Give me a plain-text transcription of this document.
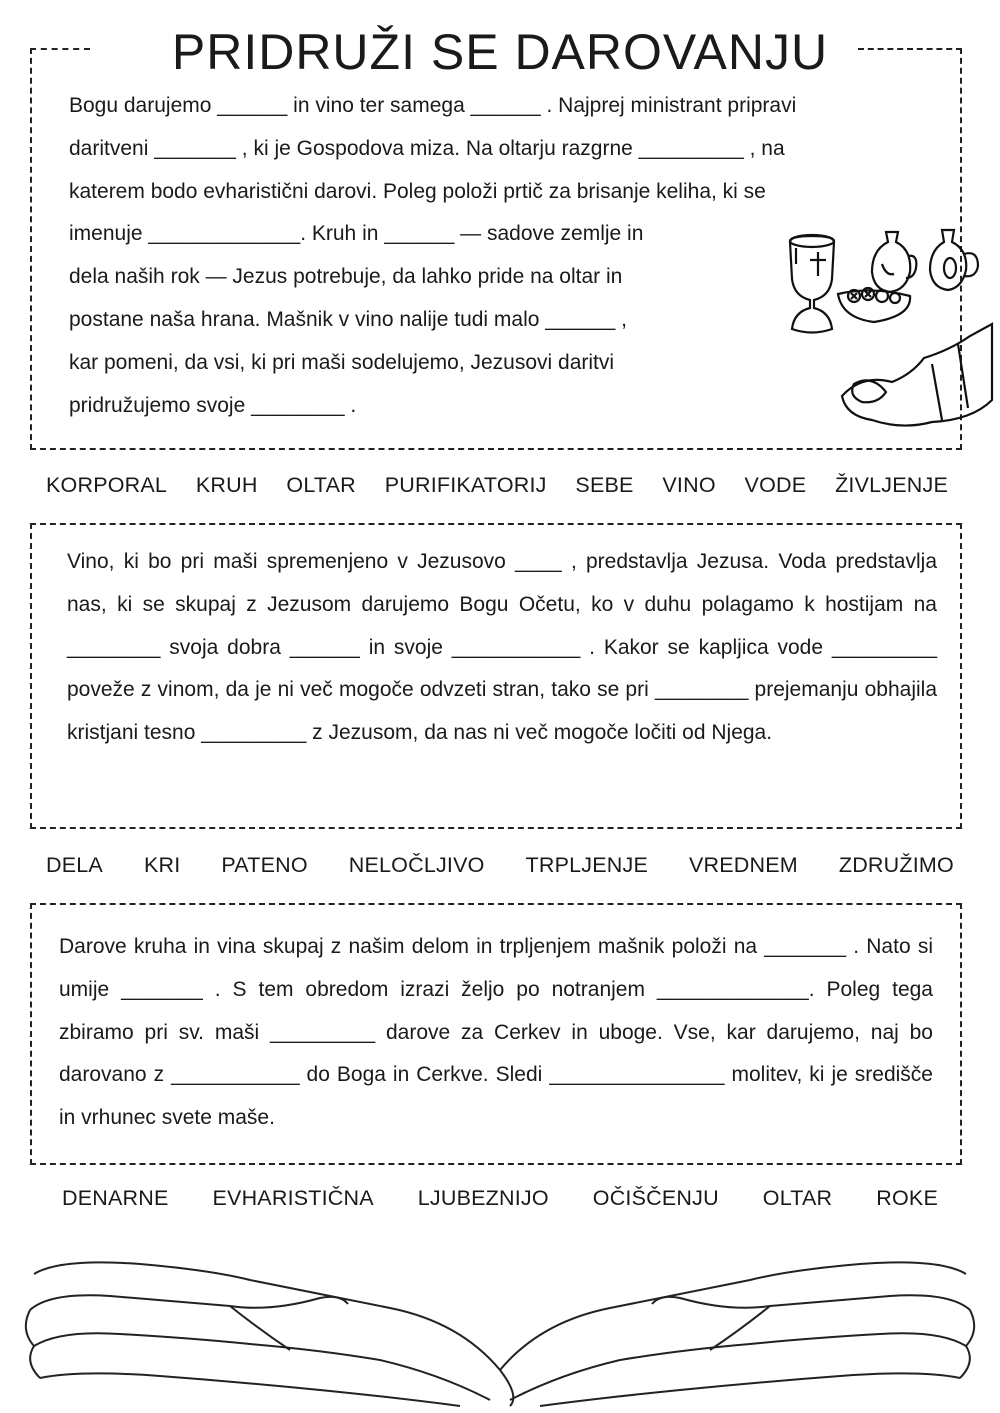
PRIDRUŽI SE DAROVANJU
Bogu darujemo ______ in vino ter samega ______ . Najprej ministrant pripravi
daritveni _______ , ki je Gospodova miza. Na oltarju razgrne _________ , na
katerem bodo evharistični darovi. Poleg položi prtič za brisanje keliha, ki se
imenuje _____________. Kruh in ______ — sadove zemlje in
dela naših rok — Jezus potrebuje, da lahko pride na oltar in
postane naša hrana. Mašnik v vino nalije tudi malo ______ ,
kar pomeni, da vsi, ki pri maši sodelujemo, Jezusovi daritvi
pridružujemo svoje ________ .
KORPORAL KRUH OLTAR PURIFIKATORIJ SEBE VINO VODE ŽIVLJENJE
Vino, ki bo pri maši spremenjeno v Jezusovo ____ , predstavlja Jezusa. Voda predstavlja nas, ki se skupaj z Jezusom darujemo Bogu Očetu, ko v duhu polagamo k hostijam na ________ svoja dobra ______ in svoje ___________ . Kakor se kapljica vode _________ poveže z vinom, da je ni več mogoče odvzeti stran, tako se pri ________ prejemanju obhajila kristjani tesno _________ z Jezusom, da nas ni več mogoče ločiti od Njega.
DELA KRI PATENO NELOČLJIVO TRPLJENJE VREDNEM ZDRUŽIMO
Darove kruha in vina skupaj z našim delom in trpljenjem mašnik položi na _______ . Nato si umije _______ . S tem obredom izrazi željo po notranjem _____________. Poleg tega zbiramo pri sv. maši _________ darove za Cerkev in uboge. Vse, kar darujemo, naj bo darovano z ___________ do Boga in Cerkve. Sledi _______________ molitev, ki je središče in vrhunec svete maše.
DENARNE EVHARISTIČNA LJUBEZNIJO OČIŠČENJU OLTAR ROKE
